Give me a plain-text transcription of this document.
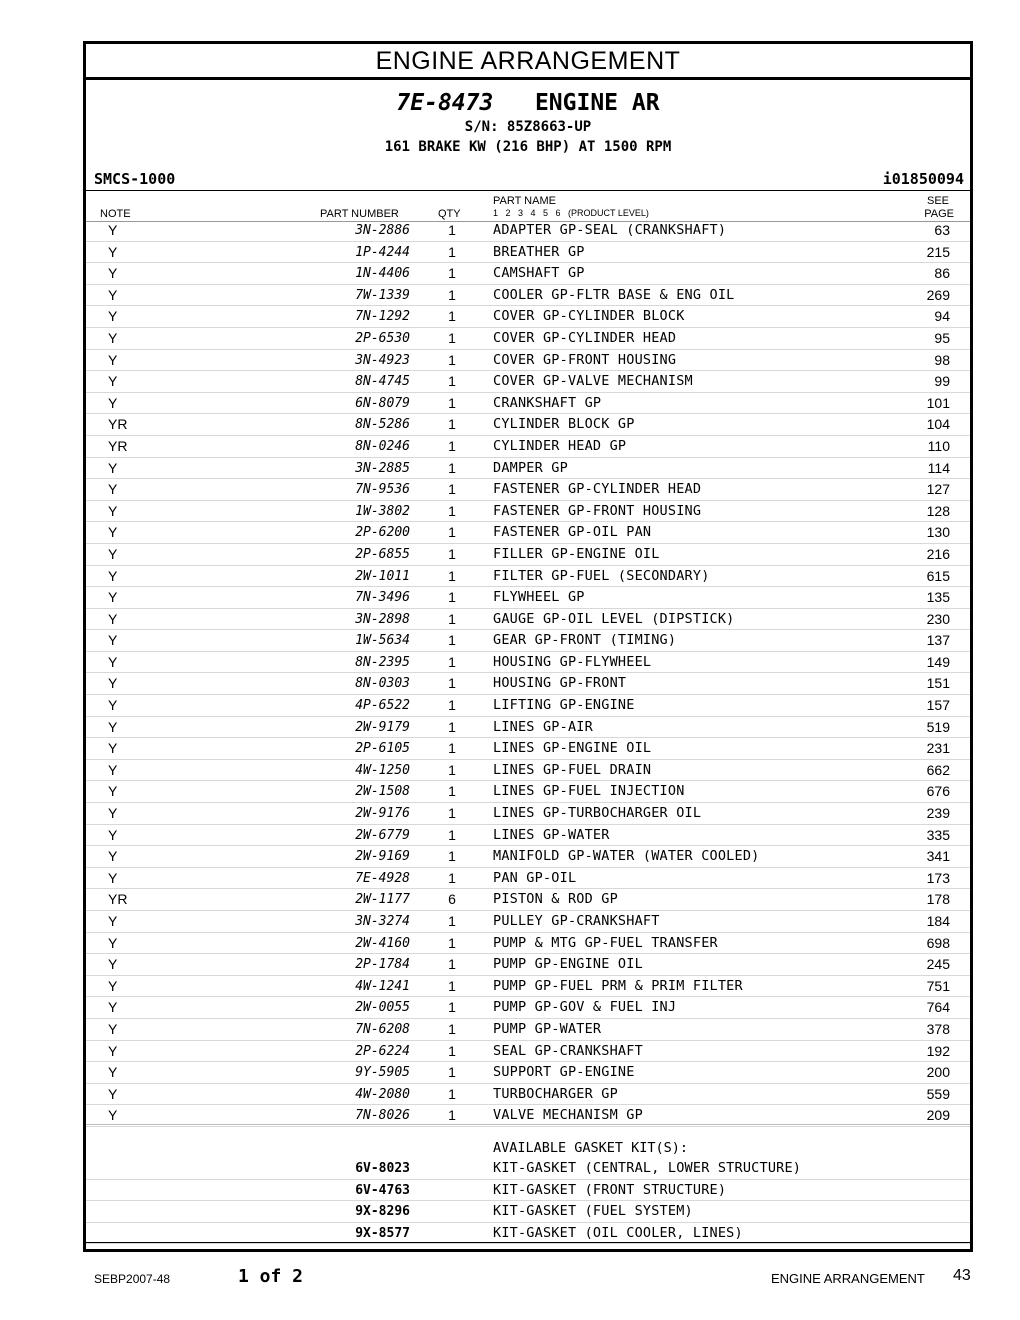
ENGINE ARRANGEMENT
7E-8473 ENGINE AR
S/N: 85Z8663-UP
161 BRAKE KW (216 BHP) AT 1500 RPM
SMCS-1000	i01850094
NOTE	PART NUMBER	QTY
PART NAME
1   2   3   4   5   6   (PRODUCT LEVEL)
SEE
PAGE
Y	3N-2886	1	ADAPTER GP-SEAL (CRANKSHAFT)	63
Y	1P-4244	1	BREATHER GP	215
Y	1N-4406	1	CAMSHAFT GP	86
Y	7W-1339	1	COOLER GP-FLTR BASE & ENG OIL	269
Y	7N-1292	1	COVER GP-CYLINDER BLOCK	94
Y	2P-6530	1	COVER GP-CYLINDER HEAD	95
Y	3N-4923	1	COVER GP-FRONT HOUSING	98
Y	8N-4745	1	COVER GP-VALVE MECHANISM	99
Y	6N-8079	1	CRANKSHAFT GP	101
YR	8N-5286	1	CYLINDER BLOCK GP	104
YR	8N-0246	1	CYLINDER HEAD GP	110
Y	3N-2885	1	DAMPER GP	114
Y	7N-9536	1	FASTENER GP-CYLINDER HEAD	127
Y	1W-3802	1	FASTENER GP-FRONT HOUSING	128
Y	2P-6200	1	FASTENER GP-OIL PAN	130
Y	2P-6855	1	FILLER GP-ENGINE OIL	216
Y	2W-1011	1	FILTER GP-FUEL (SECONDARY)	615
Y	7N-3496	1	FLYWHEEL GP	135
Y	3N-2898	1	GAUGE GP-OIL LEVEL (DIPSTICK)	230
Y	1W-5634	1	GEAR GP-FRONT (TIMING)	137
Y	8N-2395	1	HOUSING GP-FLYWHEEL	149
Y	8N-0303	1	HOUSING GP-FRONT	151
Y	4P-6522	1	LIFTING GP-ENGINE	157
Y	2W-9179	1	LINES GP-AIR	519
Y	2P-6105	1	LINES GP-ENGINE OIL	231
Y	4W-1250	1	LINES GP-FUEL DRAIN	662
Y	2W-1508	1	LINES GP-FUEL INJECTION	676
Y	2W-9176	1	LINES GP-TURBOCHARGER OIL	239
Y	2W-6779	1	LINES GP-WATER	335
Y	2W-9169	1	MANIFOLD GP-WATER (WATER COOLED)	341
Y	7E-4928	1	PAN GP-OIL	173
YR	2W-1177	6	PISTON & ROD GP	178
Y	3N-3274	1	PULLEY GP-CRANKSHAFT	184
Y	2W-4160	1	PUMP & MTG GP-FUEL TRANSFER	698
Y	2P-1784	1	PUMP GP-ENGINE OIL	245
Y	4W-1241	1	PUMP GP-FUEL PRM & PRIM FILTER	751
Y	2W-0055	1	PUMP GP-GOV & FUEL INJ	764
Y	7N-6208	1	PUMP GP-WATER	378
Y	2P-6224	1	SEAL GP-CRANKSHAFT	192
Y	9Y-5905	1	SUPPORT GP-ENGINE	200
Y	4W-2080	1	TURBOCHARGER GP	559
Y	7N-8026	1	VALVE MECHANISM GP	209
AVAILABLE GASKET KIT(S):
6V-8023	KIT-GASKET (CENTRAL, LOWER STRUCTURE)
6V-4763	KIT-GASKET (FRONT STRUCTURE)
9X-8296	KIT-GASKET (FUEL SYSTEM)
9X-8577	KIT-GASKET (OIL COOLER, LINES)
SEBP2007-48	1 of 2	ENGINE ARRANGEMENT 43
